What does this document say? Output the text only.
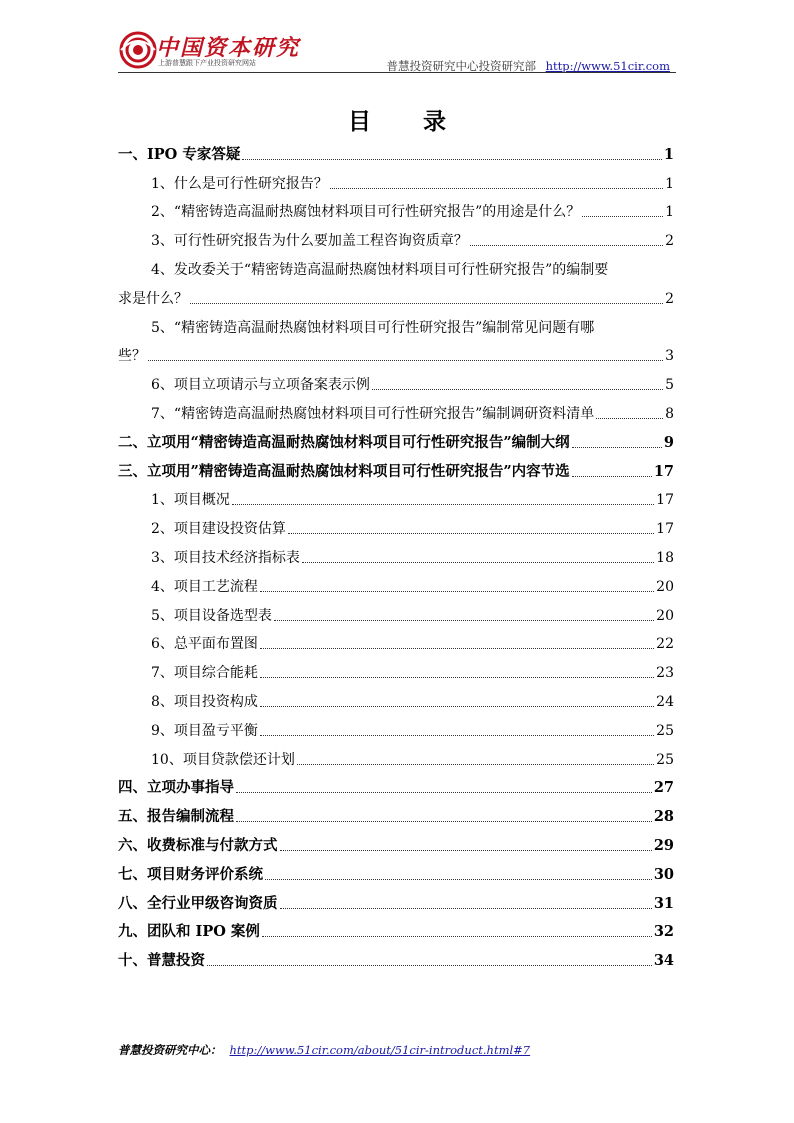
中国资本研究
上游普慧跟下产业投资研究网站	普慧投资研究中心投资研究部 http://www.51cir.com
目 录
一、IPO 专家答疑	1
1、什么是可行性研究报告？	1
2、“精密铸造高温耐热腐蚀材料项目可行性研究报告”的用途是什么？	1
3、可行性研究报告为什么要加盖工程咨询资质章？	2
4、发改委关于“精密铸造高温耐热腐蚀材料项目可行性研究报告”的编制要
求是什么？	2
5、“精密铸造高温耐热腐蚀材料项目可行性研究报告”编制常见问题有哪
些？	3
6、项目立项请示与立项备案表示例	5
7、“精密铸造高温耐热腐蚀材料项目可行性研究报告”编制调研资料清单	8
二、立项用“精密铸造高温耐热腐蚀材料项目可行性研究报告”编制大纲	9
三、立项用”精密铸造高温耐热腐蚀材料项目可行性研究报告”内容节选	17
1、项目概况	17
2、项目建设投资估算	17
3、项目技术经济指标表	18
4、项目工艺流程	20
5、项目设备选型表	20
6、总平面布置图	22
7、项目综合能耗	23
8、项目投资构成	24
9、项目盈亏平衡	25
10、项目贷款偿还计划	25
四、立项办事指导	27
五、报告编制流程	28
六、收费标准与付款方式	29
七、项目财务评价系统	30
八、全行业甲级咨询资质	31
九、团队和 IPO 案例	32
十、普慧投资	34
普慧投资研究中心： http://www.51cir.com/about/51cir-introduct.html#7
